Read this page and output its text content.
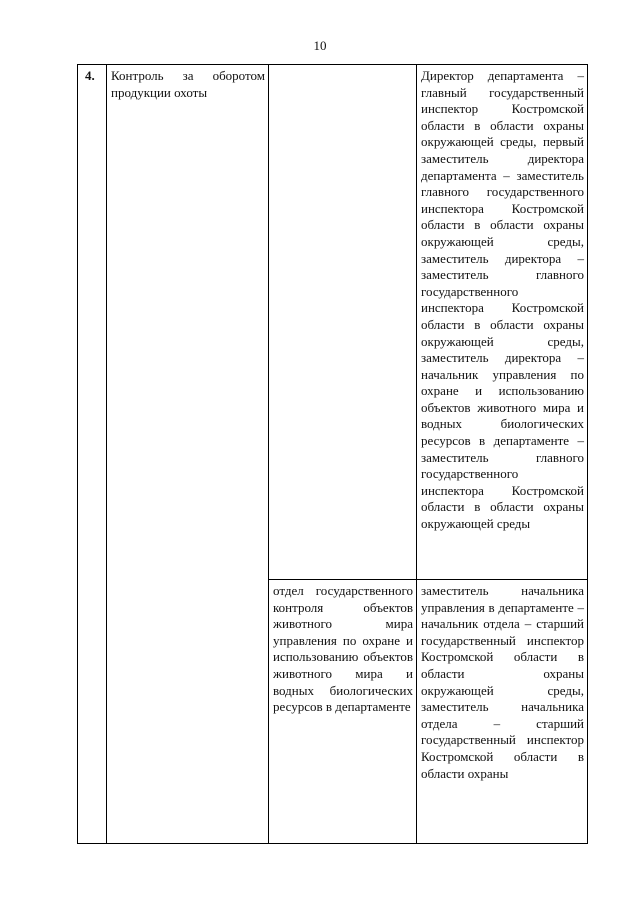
10
4.	Контроль за оборотом продукции охоты		Директор департамента – главный государственный инспектор Костромской области в области охраны окружающей среды, первый заместитель директора департамента – заместитель главного государственного инспектора Костромской области в области охраны окружающей среды, заместитель директора – заместитель главного государственного инспектора Костромской области в области охраны окружающей среды, заместитель директора – начальник управления по охране и использованию объектов животного мира и водных биологических ресурсов в департаменте – заместитель главного государственного инспектора Костромской области в области охраны окружающей среды
		отдел государственного контроля объектов животного мира управления по охране и использованию объектов животного мира и водных биологических ресурсов в департаменте	заместитель начальника управления в департаменте – начальник отдела – старший государственный инспектор Костромской области в области охраны окружающей среды, заместитель начальника отдела – старший государственный инспектор Костромской области в области охраны
